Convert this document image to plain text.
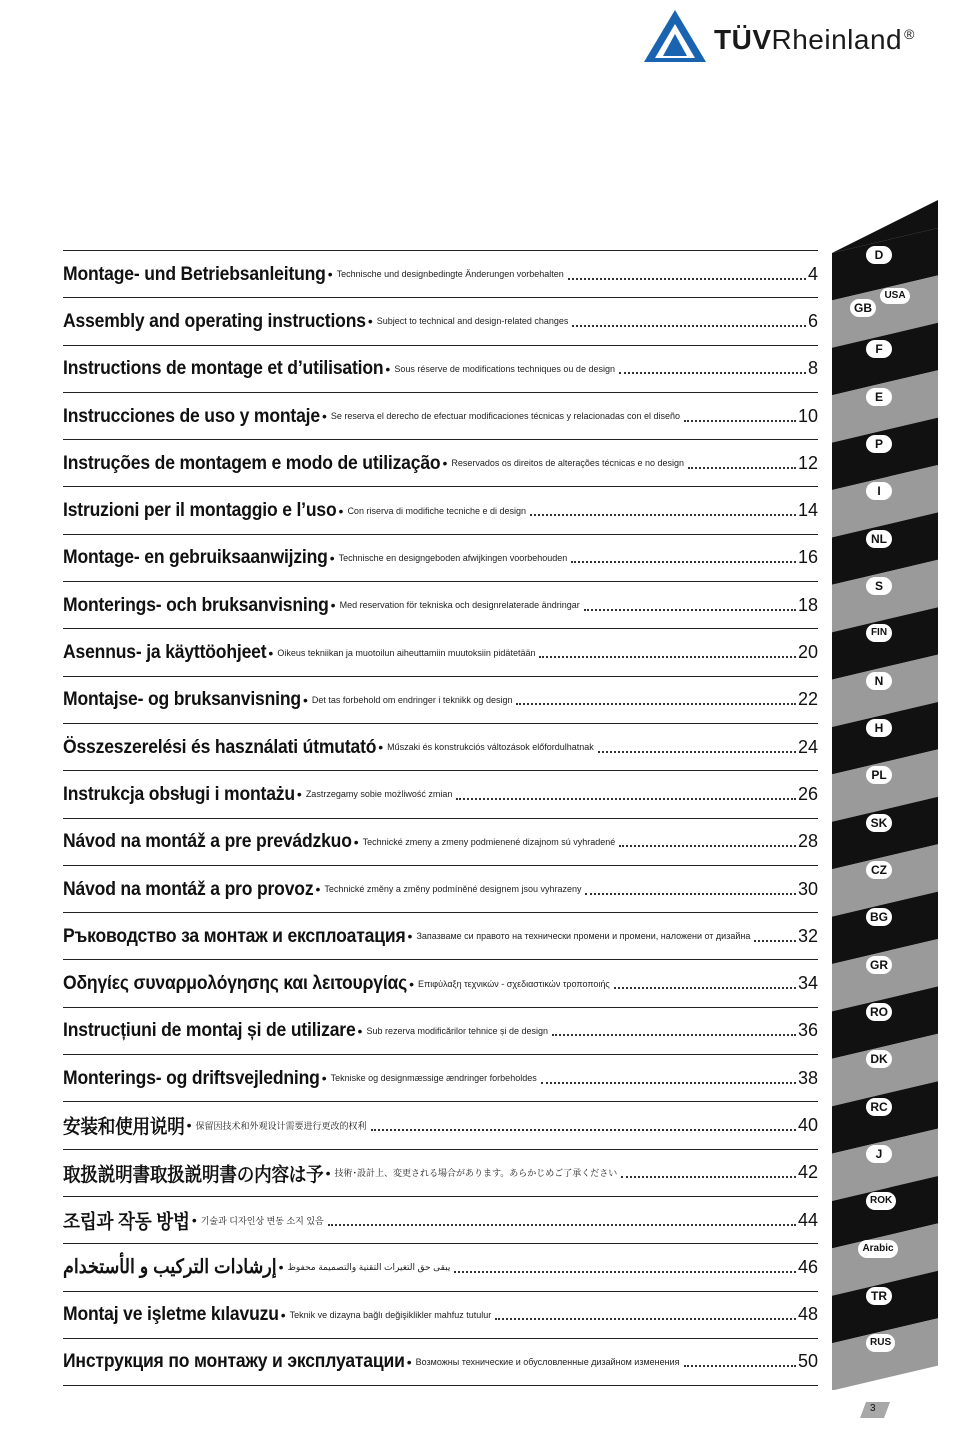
TÜVRheinland ®
Montage- und Betriebsanleitung • Technische und designbedingte Änderungen vorbehalten	4
Assembly and operating instructions • Subject to technical and design-related changes	6
Instructions de montage et d’utilisation • Sous réserve de modifications techniques ou de design	8
Instrucciones de uso y montaje • Se reserva el derecho de efectuar modificaciones técnicas y relacionadas con el diseño	10
Instruções de montagem e modo de utilização • Reservados os direitos de alterações técnicas e no design	12
Istruzioni per il montaggio e l’uso • Con riserva di modifiche tecniche e di design	14
Montage- en gebruiksaanwijzing • Technische en designgeboden afwijkingen voorbehouden	16
Monterings- och bruksanvisning • Med reservation för tekniska och designrelaterade ändringar	18
Asennus- ja käyttöohjeet • Oikeus tekniikan ja muotoilun aiheuttamiin muutoksiin pidätetään	20
Montajse- og bruksanvisning • Det tas forbehold om endringer i teknikk og design	22
Összeszerelési és használati útmutató • Műszaki és konstrukciós változások előfordulhatnak	24
Instrukcja obsługi i montażu • Zastrzegamy sobie możliwość zmian	26
Návod na montáž a pre prevádzkuo • Technické zmeny a zmeny podmienené dizajnom sú vyhradené	28
Návod na montáž a pro provoz • Technické změny a změny podmíněné designem jsou vyhrazeny	30
Ръководство за монтаж и експлоатация • Запазваме си правото на технически промени и промени, наложени от дизайна	32
Οδηγίες συναρμολόγησης και λειτουργίας • Επιφύλαξη τεχνικών - σχεδιαστικών τροποποιής	34
Instrucțiuni de montaj și de utilizare • Sub rezerva modificărilor tehnice și de design	36
Monterings- og driftsvejledning • Tekniske og designmæssige ændringer forbeholdes	38
安装和使用说明 • 保留因技术和外观设计需要进行更改的权利	40
取扱説明書取扱説明書の内容は予 • 技術･設計上、変更される場合があります。あらかじめご了承ください	42
조립과 작동 방법 • 기술과 디자인상 변동 소지 있음	44
إرشادات التركيب و الأستخدام • يبقى حق التغيرات التقنية والتصميمة محفوظ	46
Montaj ve işletme kılavuzu • Teknik ve dizayna bağlı değişiklikler mahfuz tutulur	48
Инструкция по монтажу и эксплуатации • Возможны технические и обусловленные дизайном изменения	50
D
USA
GB
F
E
P
I
NL
S
FIN
N
H
PL
SK
CZ
BG
GR
RO
DK
RC
J
ROK
Arabic
TR
RUS
3
